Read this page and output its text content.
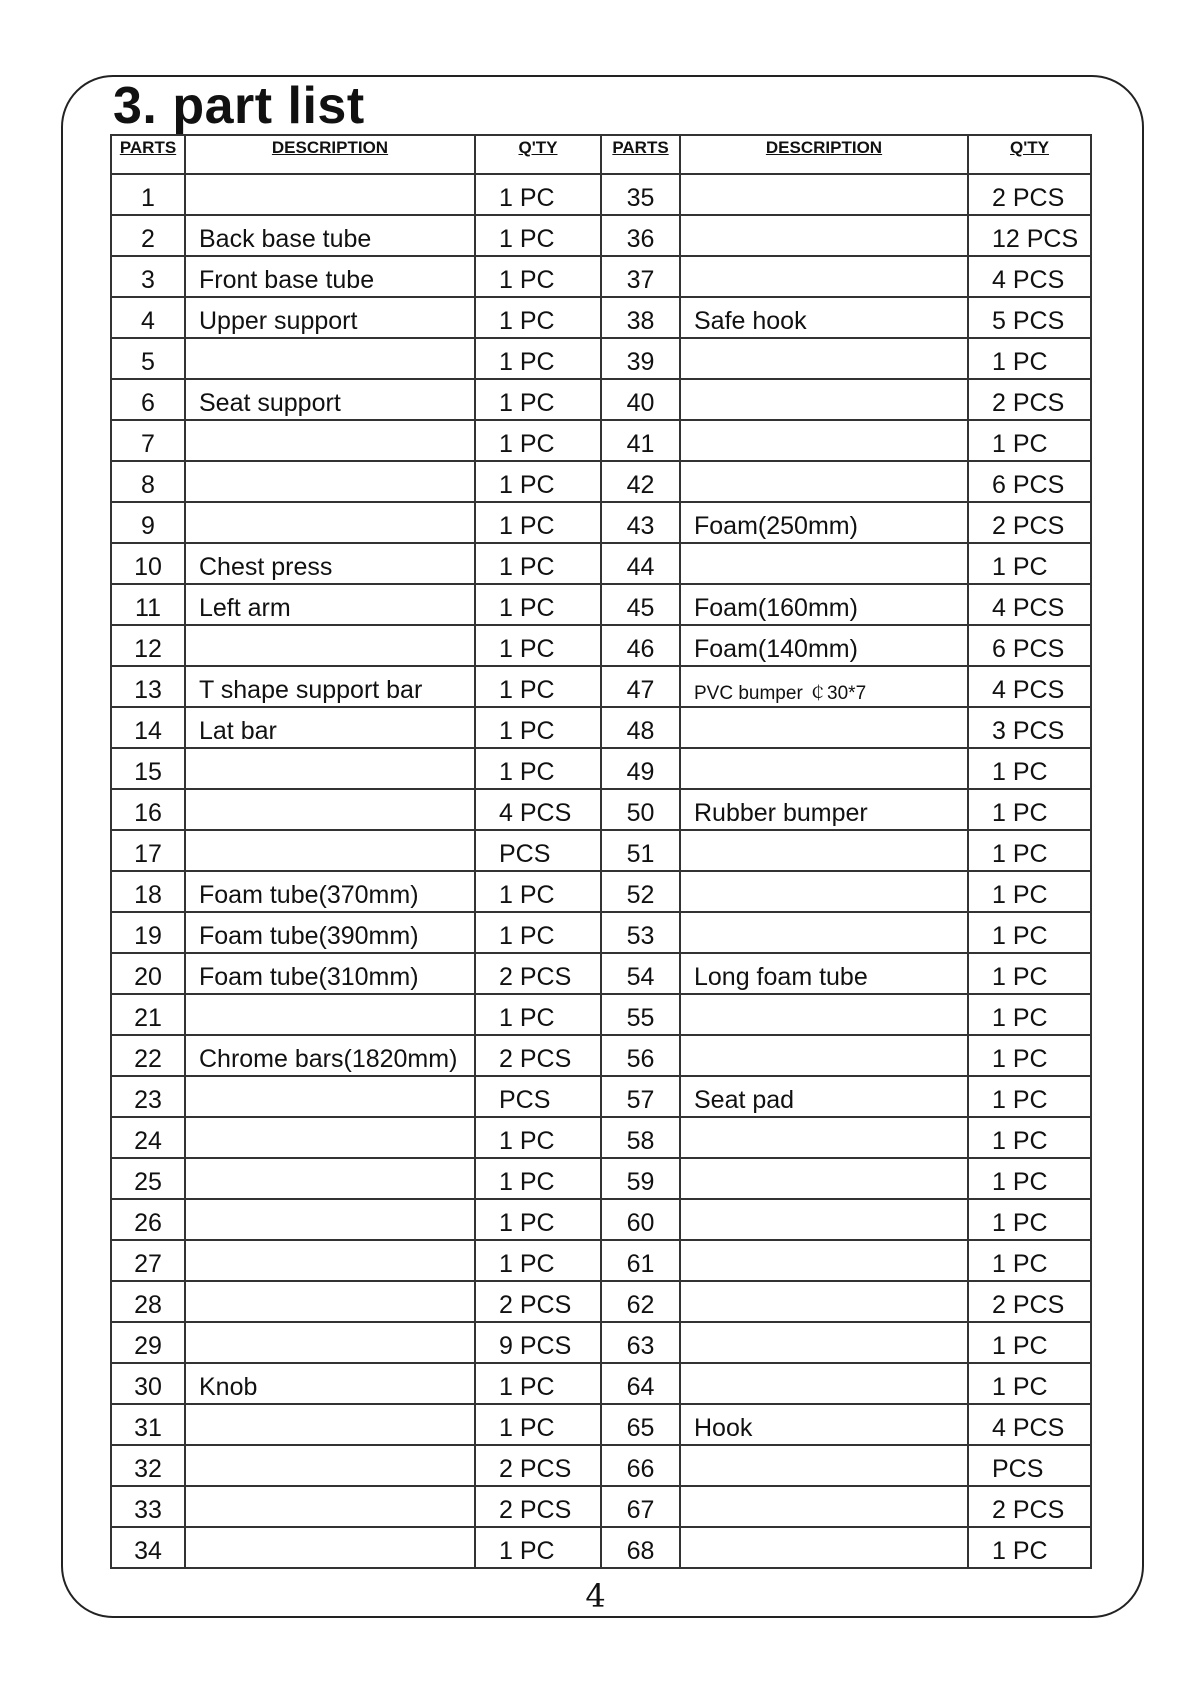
3. part list
PARTS	DESCRIPTION	Q'TY	PARTS	DESCRIPTION	Q'TY
1		1 PC	35		2 PCS
2	Back base tube	1 PC	36		12 PCS
3	Front base tube	1 PC	37		4 PCS
4	Upper support	1 PC	38	Safe hook	5 PCS
5		1 PC	39		1 PC
6	Seat support	1 PC	40		2 PCS
7		1 PC	41		1 PC
8		1 PC	42		6 PCS
9		1 PC	43	Foam(250mm)	2 PCS
10	Chest press	1 PC	44		1 PC
11	Left arm	1 PC	45	Foam(160mm)	4 PCS
12		1 PC	46	Foam(140mm)	6 PCS
13	T shape support bar	1 PC	47	PVC bumper ￠30*7	4 PCS
14	Lat bar	1 PC	48		3 PCS
15		1 PC	49		1 PC
16		4 PCS	50	Rubber bumper	1 PC
17		PCS	51		1 PC
18	Foam tube(370mm)	1 PC	52		1 PC
19	Foam tube(390mm)	1 PC	53		1 PC
20	Foam tube(310mm)	2 PCS	54	Long foam tube	1 PC
21		1 PC	55		1 PC
22	Chrome bars(1820mm)	2 PCS	56		1 PC
23		PCS	57	Seat pad	1 PC
24		1 PC	58		1 PC
25		1 PC	59		1 PC
26		1 PC	60		1 PC
27		1 PC	61		1 PC
28		2 PCS	62		2 PCS
29		9 PCS	63		1 PC
30	Knob	1 PC	64		1 PC
31		1 PC	65	Hook	4 PCS
32		2 PCS	66		PCS
33		2 PCS	67		2 PCS
34		1 PC	68		1 PC
4
